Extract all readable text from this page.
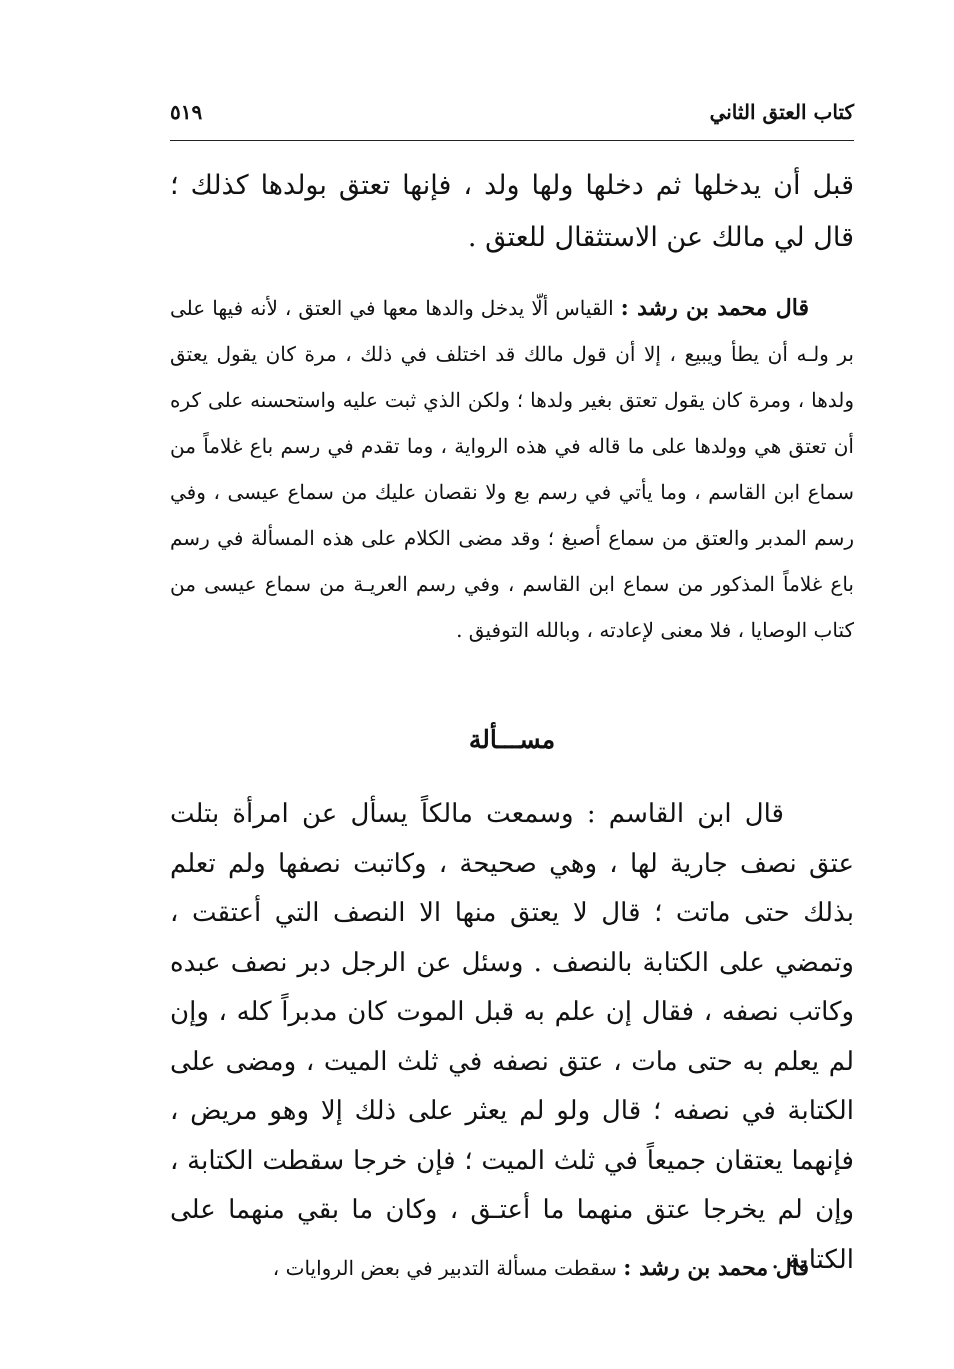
كتاب العتق الثاني
٥١٩
قبل أن يدخلها ثم دخلها ولها ولد ، فإنها تعتق بولدها كذلك ؛ قال لي مالك عن الاستثقال للعتق .
قال محمد بن رشد : القياس ألّا يدخل والدها معها في العتق ، لأنه فيها على بر ولـه أن يطأ ويبيع ، إلا أن قول مالك قد اختلف في ذلك ، مرة كان يقول يعتق ولدها ، ومرة كان يقول تعتق بغير ولدها ؛ ولكن الذي ثبت عليه واستحسنه على كره أن تعتق هي وولدها على ما قاله في هذه الرواية ، وما تقدم في رسم باع غلاماً من سماع ابن القاسم ، وما يأتي في رسم بع ولا نقصان عليك من سماع عيسى ، وفي رسم المدبر والعتق من سماع أصبغ ؛ وقد مضى الكلام على هذه المسألة في رسم باع غلاماً المذكور من سماع ابن القاسم ، وفي رسم العريـة من سماع عيسى من كتاب الوصايا ، فلا معنى لإعادته ، وبالله التوفيق .
مســـألة
قال ابن القاسم : وسمعت مالكاً يسأل عن امرأة بتلت عتق نصف جارية لها ، وهي صحيحة ، وكاتبت نصفها ولم تعلم بذلك حتى ماتت ؛ قال لا يعتق منها الا النصف التي أعتقت ، وتمضي على الكتابة بالنصف . وسئل عن الرجل دبر نصف عبده وكاتب نصفه ، فقال إن علم به قبل الموت كان مدبراً كله ، وإن لم يعلم به حتى مات ، عتق نصفه في ثلث الميت ، ومضى على الكتابة في نصفه ؛ قال ولو لم يعثر على ذلك إلا وهو مريض ، فإنهما يعتقان جميعاً في ثلث الميت ؛ فإن خرجا سقطت الكتابة ، وإن لم يخرجا عتق منهما ما أعتـق ، وكان ما بقي منهما على الكتابة .
قال محمد بن رشد : سقطت مسألة التدبير في بعض الروايات ،
